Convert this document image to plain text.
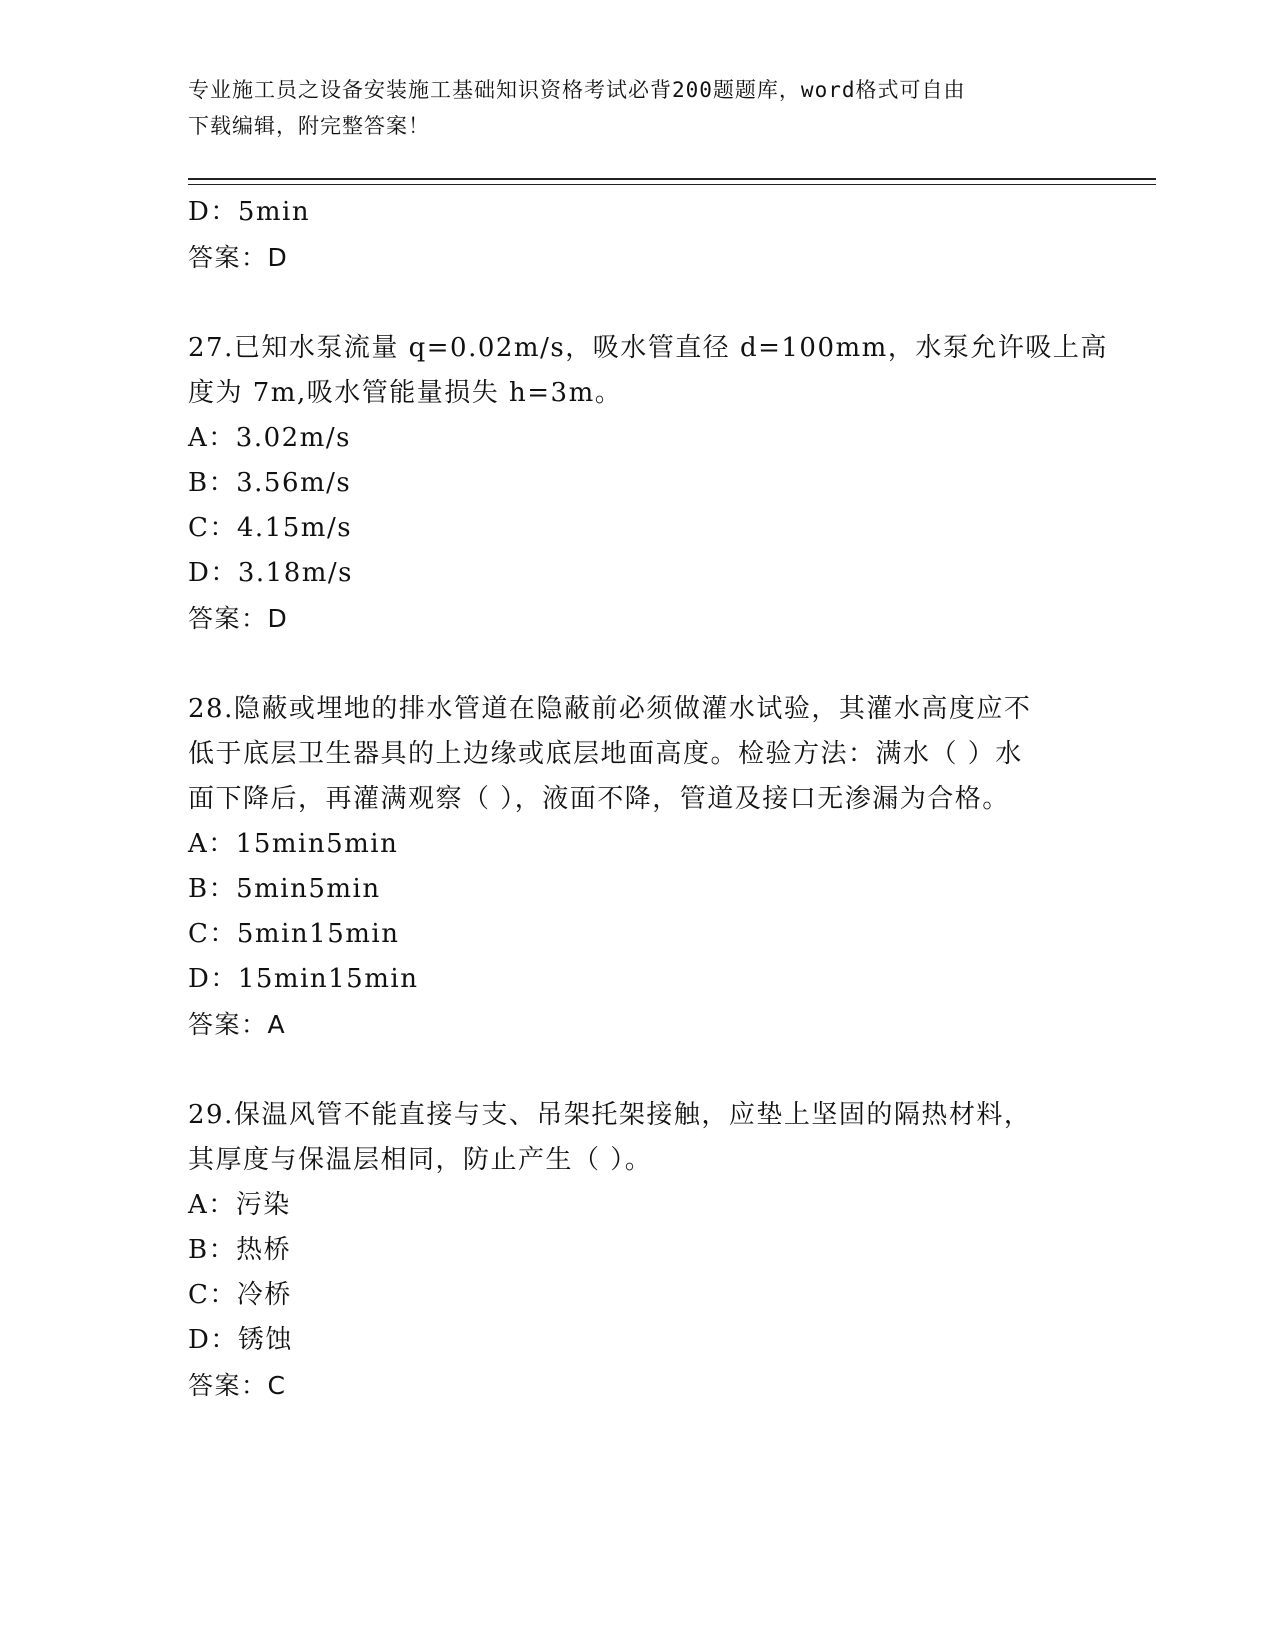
专业施工员之设备安装施工基础知识资格考试必背200题题库，word格式可自由
下载编辑，附完整答案！
D：5min
答案：D
27.已知水泵流量 q=0.02m/s，吸水管直径 d=100mm，水泵允许吸上高
度为 7m,吸水管能量损失 h=3m。
A：3.02m/s
B：3.56m/s
C：4.15m/s
D：3.18m/s
答案：D
28.隐蔽或埋地的排水管道在隐蔽前必须做灌水试验，其灌水高度应不
低于底层卫生器具的上边缘或底层地面高度。检验方法：满水（ ）水
面下降后，再灌满观察（ ），液面不降，管道及接口无渗漏为合格。
A：15min5min
B：5min5min
C：5min15min
D：15min15min
答案：A
29.保温风管不能直接与支、吊架托架接触，应垫上坚固的隔热材料，
其厚度与保温层相同，防止产生（ ）。
A：污染
B：热桥
C：冷桥
D：锈蚀
答案：C
